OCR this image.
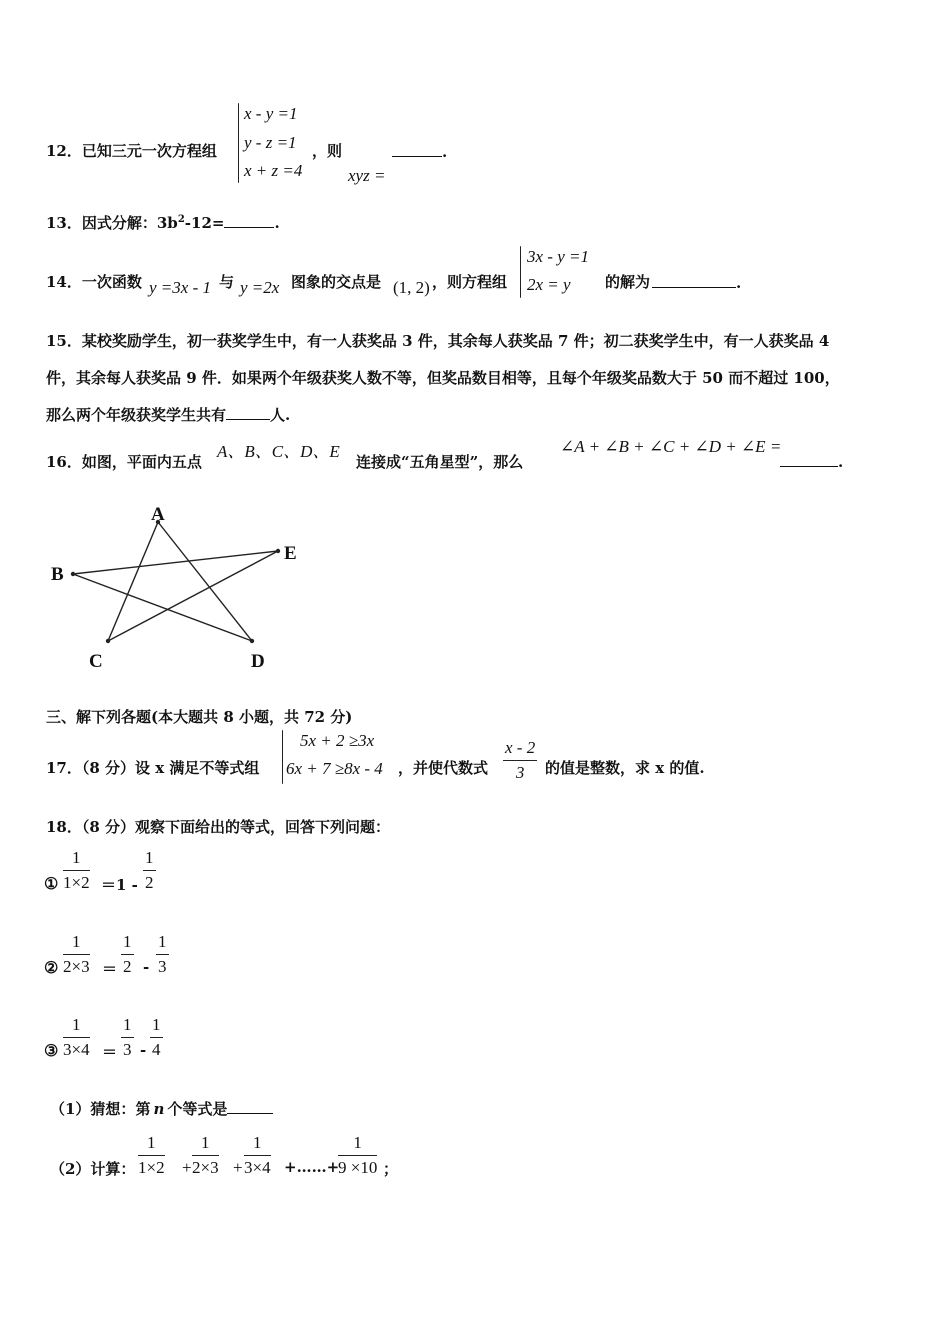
12．已知三元一次方程组
x - y =1
y - z =1
x + z =4
，则
xyz =
.
13．因式分解：$3b^2-12=$	.
14．一次函数 y =3x - 1 与 y =2x 图象的交点是 (1, 2) ，则方程组
3x - y =1
2x = y 的解为	.
15．某校奖励学生，初一获奖学生中，有一人获奖品 3 件，其余每人获奖品 7 件；初二获奖学生中，有一人获奖品 4
件，其余每人获奖品 9 件．如果两个年级获奖人数不等，但奖品数目相等，且每个年级奖品数大于 50 而不超过 100，
那么两个年级获奖学生共有	人.
16．如图，平面内五点
A、B、C、D、E
连接成“五角星型”，那么
∠A + ∠B + ∠C + ∠D + ∠E =
.
A
B
C	D
E
三、解下列各题(本大题共 8 小题，共 72 分)
17．（8 分）设 x 满足不等式组
5x + 2 ≥3x
6x + 7 ≥8x - 4 ，并使代数式 $\frac{x - 2}{3}$ 的值是整数，求 x 的值.
18．（8 分）观察下面给出的等式，回答下列问题：
① $\frac{1}{1\times 2} =1 - \frac{1}{2}$
② $\frac{1}{2\times 3} = \frac{1}{2} - \frac{1}{3}$
③ $\frac{1}{3\times 4} = \frac{1}{3} - \frac{1}{4}$
（1）猜想：第 n 个等式是
（2）计算： $\frac{1}{1\times 2} + \frac{1}{2\times 3} + \frac{1}{3\times 4}$ +……+
$\frac{1}{9 \times 10}$ ；
